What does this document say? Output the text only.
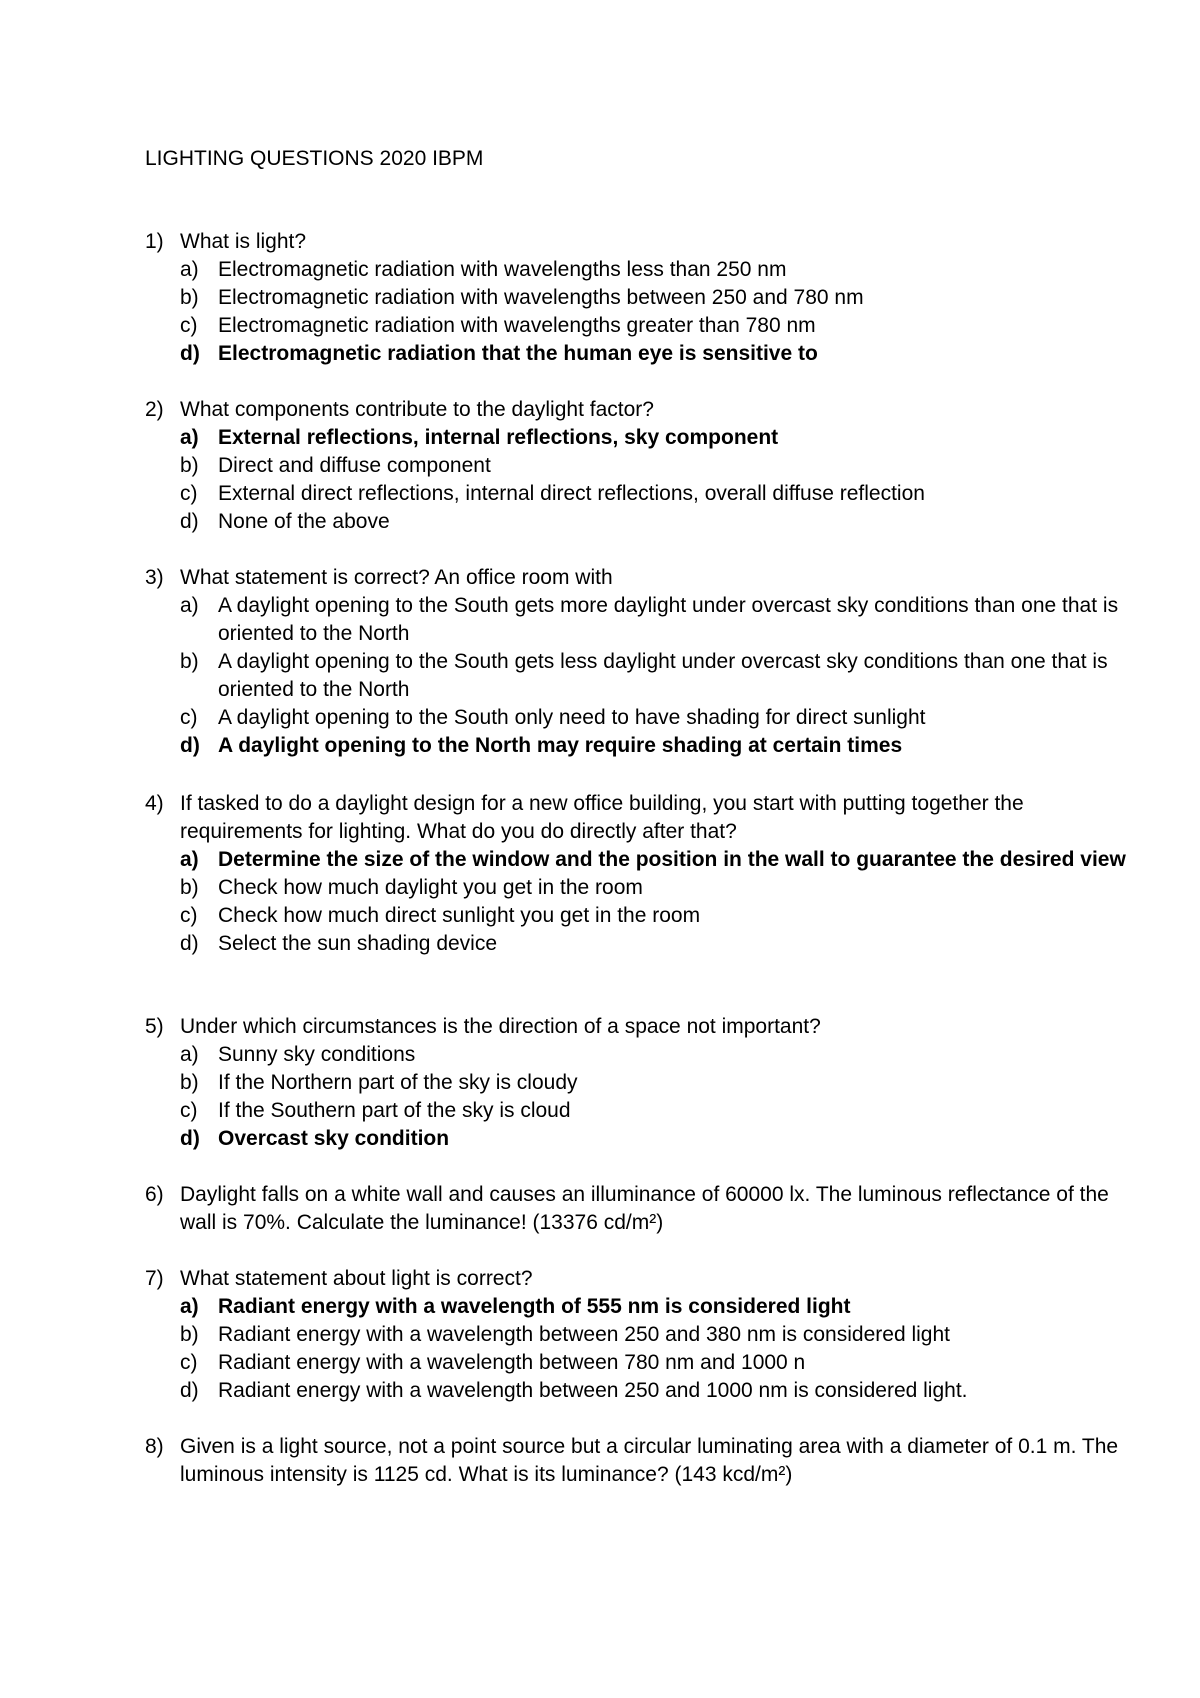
LIGHTING QUESTIONS 2020 IBPM
1) What is light?
a) Electromagnetic radiation with wavelengths less than 250 nm
b) Electromagnetic radiation with wavelengths between 250 and 780 nm
c) Electromagnetic radiation with wavelengths greater than 780 nm
d) Electromagnetic radiation that the human eye is sensitive to
2) What components contribute to the daylight factor?
a) External reflections, internal reflections, sky component
b) Direct and diffuse component
c) External direct reflections, internal direct reflections, overall diffuse reflection
d) None of the above
3) What statement is correct? An office room with
a) A daylight opening to the South gets more daylight under overcast sky conditions than one that is oriented to the North
b) A daylight opening to the South gets less daylight under overcast sky conditions than one that is oriented to the North
c) A daylight opening to the South only need to have shading for direct sunlight
d) A daylight opening to the North may require shading at certain times
4) If tasked to do a daylight design for a new office building, you start with putting together the requirements for lighting. What do you do directly after that?
a) Determine the size of the window and the position in the wall to guarantee the desired view
b) Check how much daylight you get in the room
c) Check how much direct sunlight you get in the room
d) Select the sun shading device
5) Under which circumstances is the direction of a space not important?
a) Sunny sky conditions
b) If the Northern part of the sky is cloudy
c) If the Southern part of the sky is cloud
d) Overcast sky condition
6) Daylight falls on a white wall and causes an illuminance of 60000 lx. The luminous reflectance of the wall is 70%. Calculate the luminance! (13376 cd/m²)
7) What statement about light is correct?
a) Radiant energy with a wavelength of 555 nm is considered light
b) Radiant energy with a wavelength between 250 and 380 nm is considered light
c) Radiant energy with a wavelength between 780 nm and 1000 n
d) Radiant energy with a wavelength between 250 and 1000 nm is considered light.
8) Given is a light source, not a point source but a circular luminating area with a diameter of 0.1 m. The luminous intensity is 1125 cd. What is its luminance? (143 kcd/m²)
